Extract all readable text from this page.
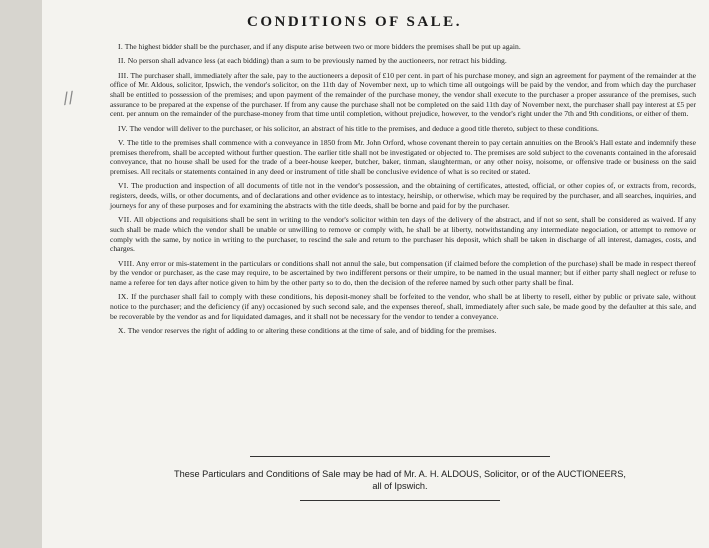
//
CONDITIONS OF SALE.

I. The highest bidder shall be the purchaser, and if any dispute arise between two or more bidders the premises shall be put up again.

II. No person shall advance less (at each bidding) than a sum to be previously named by the auctioneers, nor retract his bidding.

III. The purchaser shall, immediately after the sale, pay to the auctioneers a deposit of £10 per cent. in part of his purchase money, and sign an agreement for payment of the remainder at the office of Mr. Aldous, solicitor, Ipswich, the vendor's solicitor, on the 11th day of November next, up to which time all outgoings will be paid by the vendor, and from which day the purchaser shall be entitled to possession of the premises; and upon payment of the remainder of the purchase money, the vendor shall execute to the purchaser a proper assurance of the premises, such assurance to be prepared at the expense of the purchaser. If from any cause the purchase shall not be completed on the said 11th day of November next, the purchaser shall pay interest at £5 per cent. per annum on the remainder of the purchase-money from that time until completion, without prejudice, however, to the vendor's right under the 7th and 9th conditions, or either of them.

IV. The vendor will deliver to the purchaser, or his solicitor, an abstract of his title to the premises, and deduce a good title thereto, subject to these conditions.

V. The title to the premises shall commence with a conveyance in 1850 from Mr. John Orford, whose covenant therein to pay certain annuities on the Brook's Hall estate and indemnify these premises therefrom, shall be accepted without further question. The earlier title shall not be investigated or objected to. The premises are sold subject to the covenants contained in the aforesaid conveyance, that no house shall be used for the trade of a beer-house keeper, butcher, baker, tinman, slaughterman, or any other noisy, noisome, or offensive trade or business on the said premises. All recitals or statements contained in any deed or instrument of title shall be conclusive evidence of what is so recited or stated.

VI. The production and inspection of all documents of title not in the vendor's possession, and the obtaining of certificates, attested, official, or other copies of, or extracts from, records, registers, deeds, wills, or other documents, and of declarations and other evidence as to intestacy, heirship, or otherwise, which may be required by the purchaser, and all searches, inquiries, and journeys for any of these purposes and for examining the abstracts with the title deeds, shall be borne and paid for by the purchaser.

VII. All objections and requisitions shall be sent in writing to the vendor's solicitor within ten days of the delivery of the abstract, and if not so sent, shall be considered as waived. If any such shall be made which the vendor shall be unable or unwilling to remove or comply with, he shall be at liberty, notwithstanding any intermediate negociation, or attempt to remove or comply with the same, by notice in writing to the purchaser, to rescind the sale and return to the purchaser his deposit, which shall be taken in discharge of all interest, damages, costs, and charges.

VIII. Any error or mis-statement in the particulars or conditions shall not annul the sale, but compensation (if claimed before the completion of the purchase) shall be made in respect thereof by the vendor or purchaser, as the case may require, to be ascertained by two indifferent persons or their umpire, to be named in the usual manner; but if either party shall neglect or refuse to name a referee for ten days after notice given to him by the other party so to do, then the decision of the referee named by such other party shall be final.

IX. If the purchaser shall fail to comply with these conditions, his deposit-money shall be forfeited to the vendor, who shall be at liberty to resell, either by public or private sale, without notice to the purchaser; and the deficiency (if any) occasioned by such second sale, and the expenses thereof, shall, immediately after such sale, be made good by the defaulter at this sale, and be recoverable by the vendor as and for liquidated damages, and it shall not be necessary for the vendor to tender a conveyance.

X. The vendor reserves the right of adding to or altering these conditions at the time of sale, and of bidding for the premises.

These Particulars and Conditions of Sale may be had of Mr. A. H. ALDOUS, Solicitor, or of the AUCTIONEERS,
all of Ipswich.
